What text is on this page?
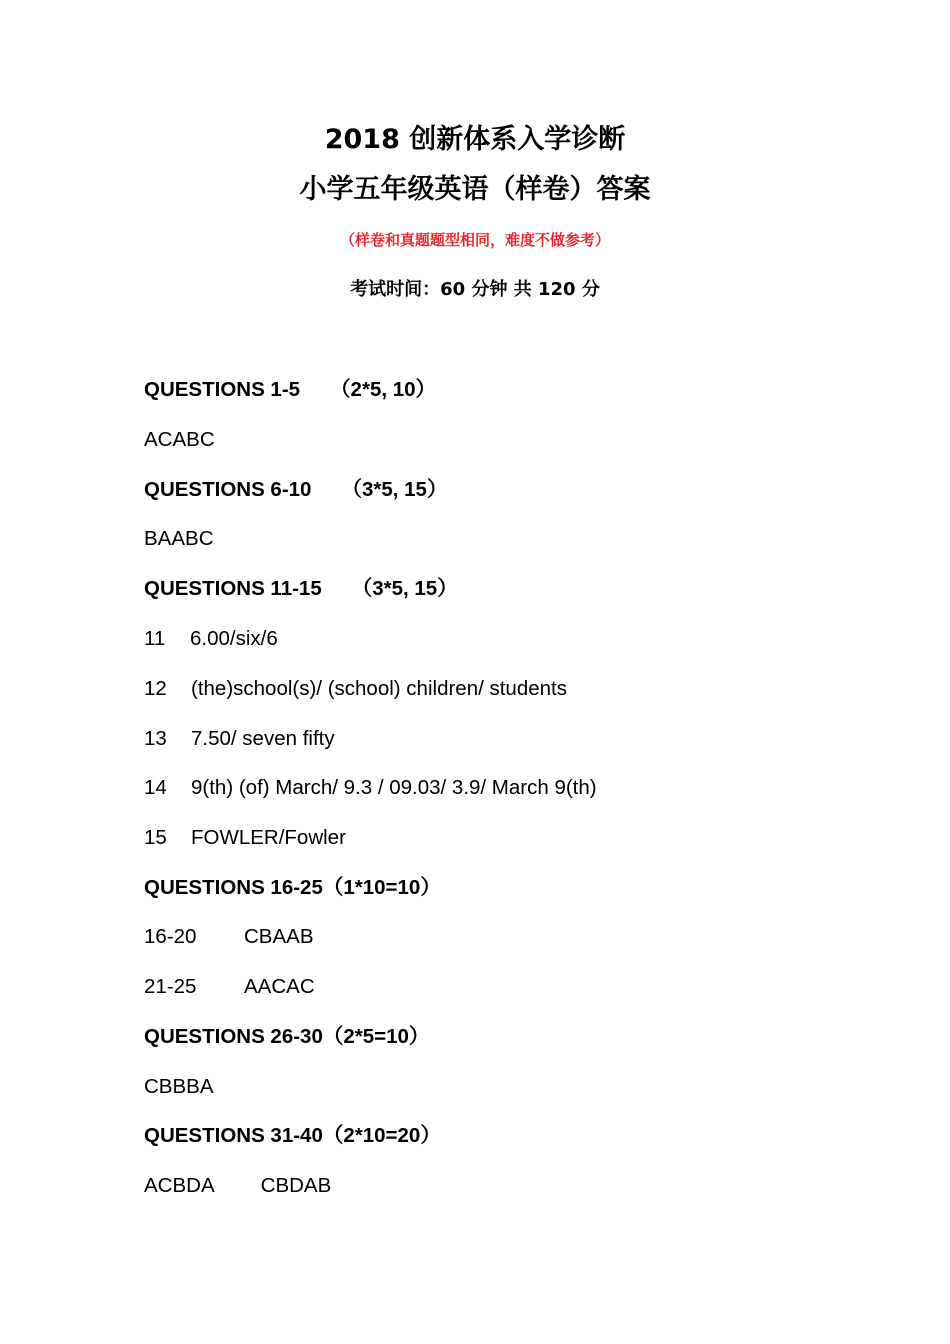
2018 创新体系入学诊断
小学五年级英语（样卷）答案
（样卷和真题题型相同，难度不做参考）
考试时间：60 分钟 共 120 分
QUESTIONS 1-5 （2*5, 10）
ACABC
QUESTIONS 6-10 （3*5, 15）
BAABC
QUESTIONS 11-15 （3*5, 15）
11 6.00/six/6
12 (the)school(s)/ (school) children/ students
13 7.50/ seven fifty
14 9(th) (of) March/ 9.3 / 09.03/ 3.9/ March 9(th)
15 FOWLER/Fowler
QUESTIONS 16-25（1*10=10）
16-20 CBAAB
21-25 AACAC
QUESTIONS 26-30（2*5=10）
CBBBA
QUESTIONS 31-40（2*10=20）
ACBDA CBDAB
